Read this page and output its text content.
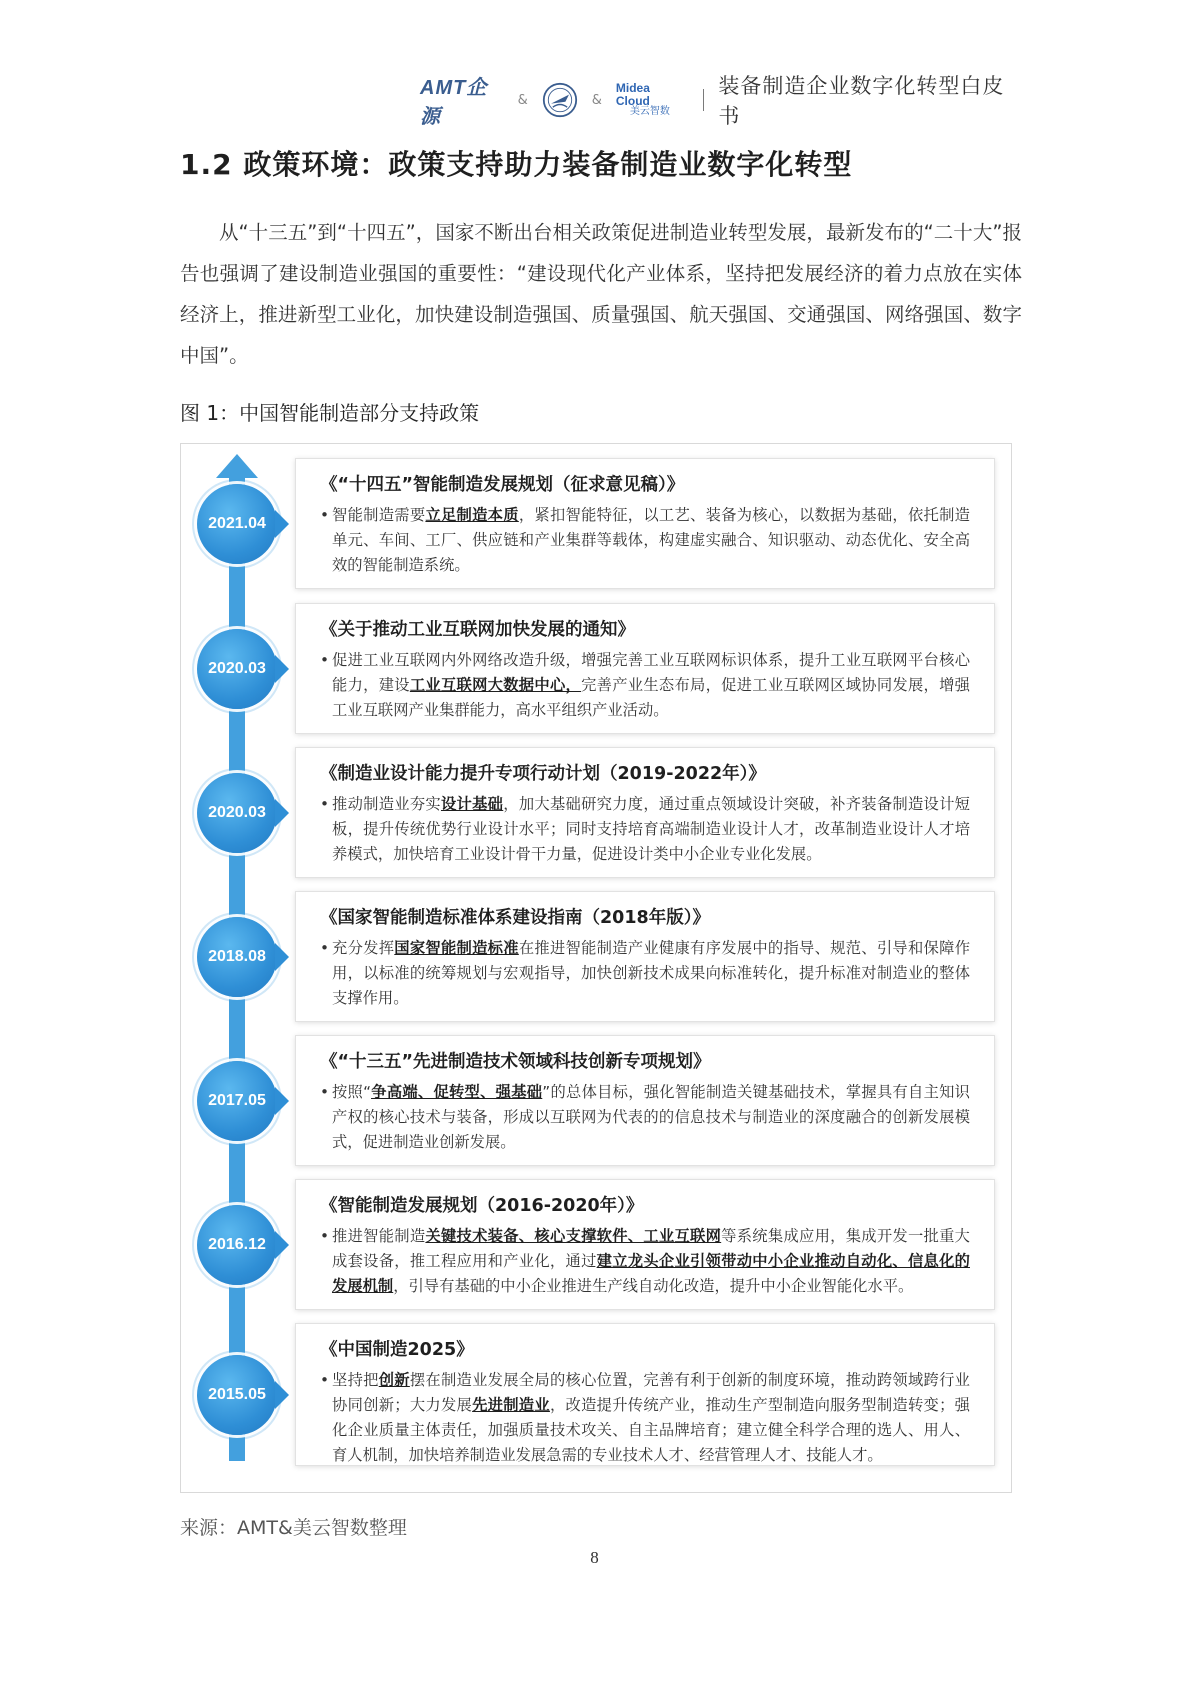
AMT企源
&	&
Midea Cloud
美云智数
装备制造企业数字化转型白皮书
1.2 政策环境：政策支持助力装备制造业数字化转型

从“十三五”到“十四五”，国家不断出台相关政策促进制造业转型发展，最新发布的“二十大”报告也强调了建设制造业强国的重要性：“建设现代化产业体系，坚持把发展经济的着力点放在实体经济上，推进新型工业化，加快建设制造强国、质量强国、航天强国、交通强国、网络强国、数字中国”。

图 1：中国智能制造部分支持政策
2021.04
《“十四五”智能制造发展规划（征求意见稿）》

• 智能制造需要立足制造本质，紧扣智能特征，以工艺、装备为核心，以数据为基础，依托制造单元、车间、工厂、供应链和产业集群等载体，构建虚实融合、知识驱动、动态优化、安全高效的智能制造系统。

2020.03
《关于推动工业互联网加快发展的通知》

• 促进工业互联网内外网络改造升级，增强完善工业互联网标识体系，提升工业互联网平台核心能力，建设工业互联网大数据中心，完善产业生态布局，促进工业互联网区域协同发展，增强工业互联网产业集群能力，高水平组织产业活动。

2020.03
《制造业设计能力提升专项行动计划（2019-2022年）》

• 推动制造业夯实设计基础，加大基础研究力度，通过重点领域设计突破，补齐装备制造设计短板，提升传统优势行业设计水平；同时支持培育高端制造业设计人才，改革制造业设计人才培养模式，加快培育工业设计骨干力量，促进设计类中小企业专业化发展。

2018.08
《国家智能制造标准体系建设指南（2018年版）》

• 充分发挥国家智能制造标准在推进智能制造产业健康有序发展中的指导、规范、引导和保障作用，以标准的统筹规划与宏观指导，加快创新技术成果向标准转化，提升标准对制造业的整体支撑作用。

2017.05
《“十三五”先进制造技术领域科技创新专项规划》

• 按照“争高端、促转型、强基础”的总体目标，强化智能制造关键基础技术，掌握具有自主知识产权的核心技术与装备，形成以互联网为代表的的信息技术与制造业的深度融合的创新发展模式，促进制造业创新发展。

2016.12
《智能制造发展规划（2016-2020年）》

• 推进智能制造关键技术装备、核心支撑软件、工业互联网等系统集成应用，集成开发一批重大成套设备，推工程应用和产业化，通过建立龙头企业引领带动中小企业推动自动化、信息化的发展机制，引导有基础的中小企业推进生产线自动化改造，提升中小企业智能化水平。

2015.05
《中国制造2025》

• 坚持把创新摆在制造业发展全局的核心位置，完善有利于创新的制度环境，推动跨领域跨行业协同创新；大力发展先进制造业，改造提升传统产业，推动生产型制造向服务型制造转变；强化企业质量主体责任，加强质量技术攻关、自主品牌培育；建立健全科学合理的选人、用人、育人机制，加快培养制造业发展急需的专业技术人才、经营管理人才、技能人才。

来源：AMT&美云智数整理
8
